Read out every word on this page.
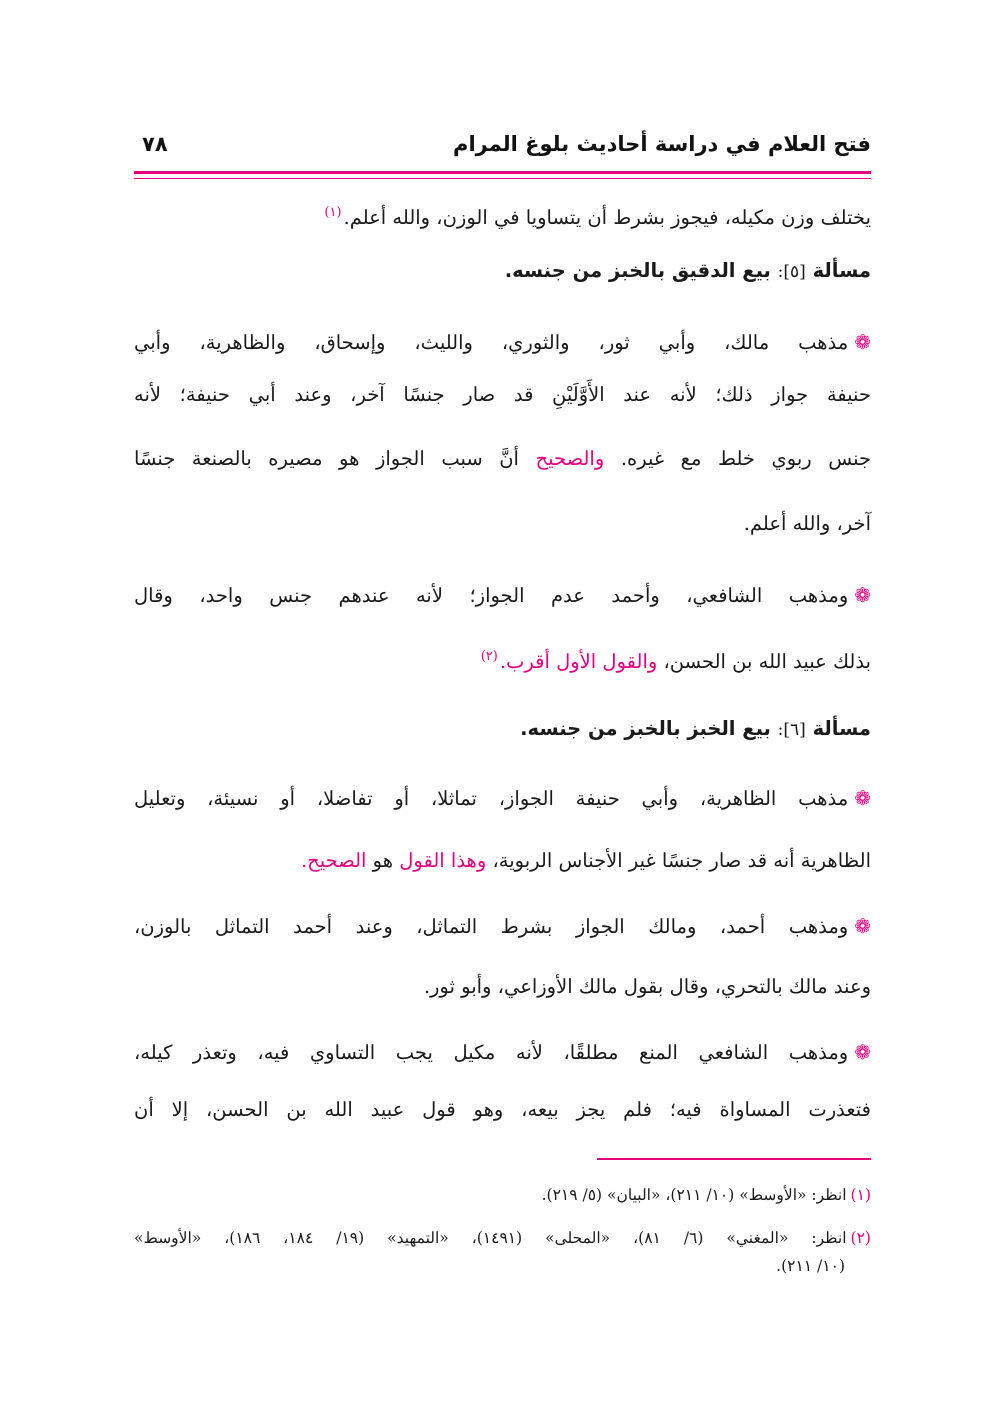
فتح العلام في دراسة أحاديث بلوغ المرام
٧٨
يختلف وزن مكيله، فيجوز بشرط أن يتساويا في الوزن، والله أعلم.$^{(١)}$
مسألة [٥]: بيع الدقيق بالخبز من جنسه.
❁مذهب مالك، وأبي ثور، والثوري، والليث، وإسحاق، والظاهرية، وأبي
حنيفة جواز ذلك؛ لأنه عند الأَوَّلَيْنِ قد صار جنسًا آخر، وعند أبي حنيفة؛ لأنه
جنس ربوي خلط مع غيره. والصحيح أنَّ سبب الجواز هو مصيره بالصنعة جنسًا
آخر، والله أعلم.
❁ومذهب الشافعي، وأحمد عدم الجواز؛ لأنه عندهم جنس واحد، وقال
بذلك عبيد الله بن الحسن، والقول الأول أقرب.$^{(٢)}$
مسألة [٦]: بيع الخبز بالخبز من جنسه.
❁مذهب الظاهرية، وأبي حنيفة الجواز، تماثلا، أو تفاضلا، أو نسيئة، وتعليل
الظاهرية أنه قد صار جنسًا غير الأجناس الربوية، وهذا القول هو الصحيح.
❁ومذهب أحمد، ومالك الجواز بشرط التماثل، وعند أحمد التماثل بالوزن،
وعند مالك بالتحري، وقال بقول مالك الأوزاعي، وأبو ثور.
❁ومذهب الشافعي المنع مطلقًا، لأنه مكيل يجب التساوي فيه، وتعذر كيله،
فتعذرت المساواة فيه؛ فلم يجز بيعه، وهو قول عبيد الله بن الحسن، إلا أن
(١)انظر: «الأوسط» (١٠/ ٢١١)، «البيان» (٥/ ٢١٩).
(٢)انظر: «المغني» (٦/ ٨١)، «المحلى» (١٤٩١)، «التمهيد» (١٩/ ١٨٤، ١٨٦)، «الأوسط»
(١٠/ ٢١١).
